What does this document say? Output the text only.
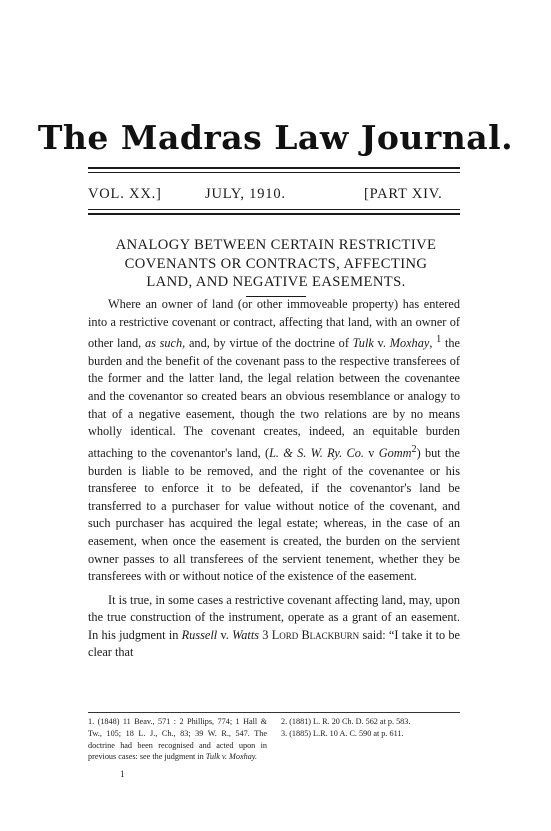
The Madras Law Journal.
VOL. XX.]	JULY, 1910.	[PART XIV.
ANALOGY BETWEEN CERTAIN RESTRICTIVE
COVENANTS OR CONTRACTS, AFFECTING
LAND, AND NEGATIVE EASEMENTS.

Where an owner of land (or other immoveable property) has entered into a restrictive covenant or contract, affecting that land, with an owner of other land, as such, and, by virtue of the doctrine of Tulk v. Moxhay, $^1$ the burden and the benefit of the covenant pass to the respective transferees of the former and the latter land, the legal relation between the covenantee and the covenantor so created bears an obvious resemblance or analogy to that of a negative easement, though the two relations are by no means wholly identical. The covenant creates, indeed, an equitable burden attaching to the covenantor's land, (L. & S. W. Ry. Co. v Gomm$^2$) but the burden is liable to be removed, and the right of the covenantee or his transferee to enforce it to be defeated, if the covenantor's land be transferred to a purchaser for value without notice of the covenant, and such purchaser has acquired the legal estate; whereas, in the case of an easement, when once the easement is created, the burden on the servient owner passes to all transferees of the servient tenement, whether they be transferees with or without notice of the existence of the easement.

It is true, in some cases a restrictive covenant affecting land, may, upon the true construction of the instrument, operate as a grant of an easement. In his judgment in Russell v. Watts 3 Lord Blackburn said: “I take it to be clear that

1. (1848) 11 Beav., 571 : 2 Phillips, 774; 1 Hall & Tw., 105; 18 L. J., Ch., 83; 39 W. R., 547. The doctrine had been recognised and acted upon in previous cases: see the judgment in Tulk v. Moxhay.

2. (1881) L. R. 20 Ch. D. 562 at p. 583.

3. (1885) L.R. 10 A. C. 590 at p. 611.

1
